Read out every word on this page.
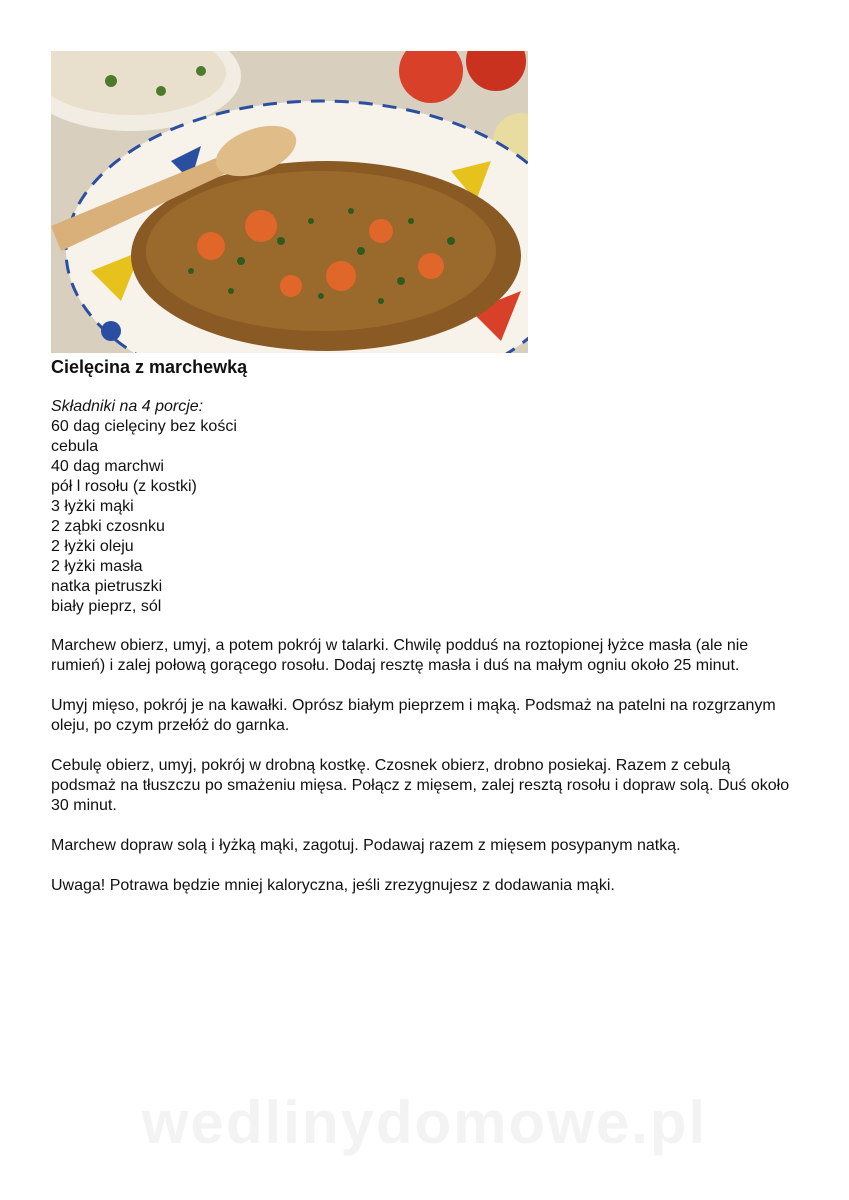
Cielęcina z marchewką
Składniki na 4 porcje:
60 dag cielęciny bez kości
cebula
40 dag marchwi
pół l rosołu (z kostki)
3 łyżki mąki
2 ząbki czosnku
2 łyżki oleju
2 łyżki masła
natka pietruszki
biały pieprz, sól

Marchew obierz, umyj, a potem pokrój w talarki. Chwilę podduś na roztopionej łyżce masła (ale nie rumień) i zalej połową gorącego rosołu. Dodaj resztę masła i duś na małym ogniu około 25 minut.

Umyj mięso, pokrój je na kawałki. Oprósz białym pieprzem i mąką. Podsmaż na patelni na rozgrzanym oleju, po czym przełóż do garnka.

Cebulę obierz, umyj, pokrój w drobną kostkę. Czosnek obierz, drobno posiekaj. Razem z cebulą podsmaż na tłuszczu po smażeniu mięsa. Połącz z mięsem, zalej resztą rosołu i dopraw solą. Duś około 30 minut.

Marchew dopraw solą i łyżką mąki, zagotuj. Podawaj razem z mięsem posypanym natką.

Uwaga! Potrawa będzie mniej kaloryczna, jeśli zrezygnujesz z dodawania mąki.

wedlinydomowe.pl
